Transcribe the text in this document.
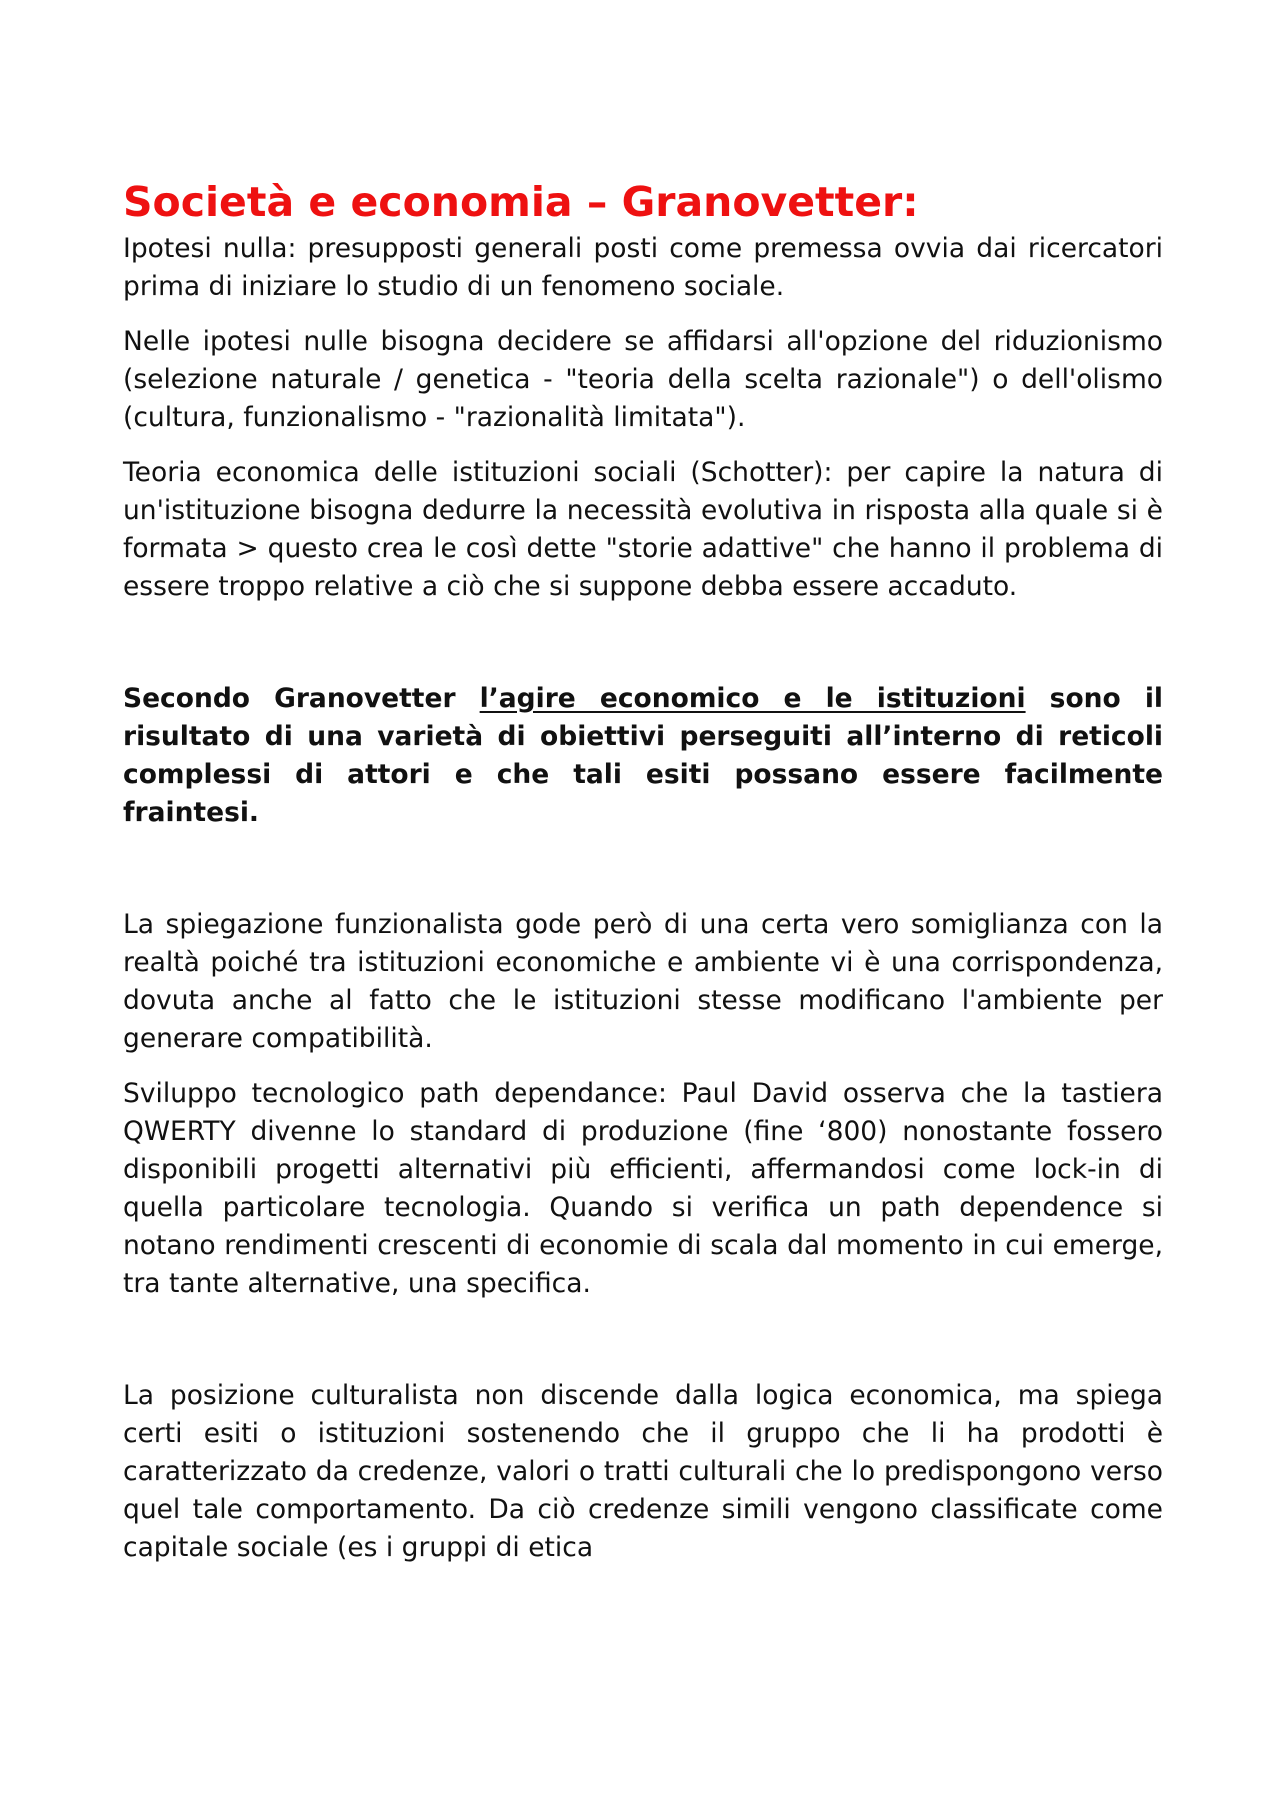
Società e economia – Granovetter:

Ipotesi nulla: presupposti generali posti come premessa ovvia dai ricercatori prima di iniziare lo studio di un fenomeno sociale.

Nelle ipotesi nulle bisogna decidere se affidarsi all'opzione del riduzionismo (selezione naturale / genetica - "teoria della scelta razionale") o dell'olismo (cultura, funzionalismo - "razionalità limitata").

Teoria economica delle istituzioni sociali (Schotter): per capire la natura di un'istituzione bisogna dedurre la necessità evolutiva in risposta alla quale si è formata > questo crea le così dette "storie adattive" che hanno il problema di essere troppo relative a ciò che si suppone debba essere accaduto.

Secondo Granovetter l’agire economico e le istituzioni sono il risultato di una varietà di obiettivi perseguiti all’interno di reticoli complessi di attori e che tali esiti possano essere facilmente fraintesi.

La spiegazione funzionalista gode però di una certa vero somiglianza con la realtà poiché tra istituzioni economiche e ambiente vi è una corrispondenza, dovuta anche al fatto che le istituzioni stesse modificano l'ambiente per generare compatibilità.

Sviluppo tecnologico path dependance: Paul David osserva che la tastiera QWERTY divenne lo standard di produzione (fine ‘800) nonostante fossero disponibili progetti alternativi più efficienti, affermandosi come lock-in di quella particolare tecnologia. Quando si verifica un path dependence si notano rendimenti crescenti di economie di scala dal momento in cui emerge, tra tante alternative, una specifica.

La posizione culturalista non discende dalla logica economica, ma spiega certi esiti o istituzioni sostenendo che il gruppo che li ha prodotti è caratterizzato da credenze, valori o tratti culturali che lo predispongono verso quel tale comportamento. Da ciò credenze simili vengono classificate come capitale sociale (es i gruppi di etica
